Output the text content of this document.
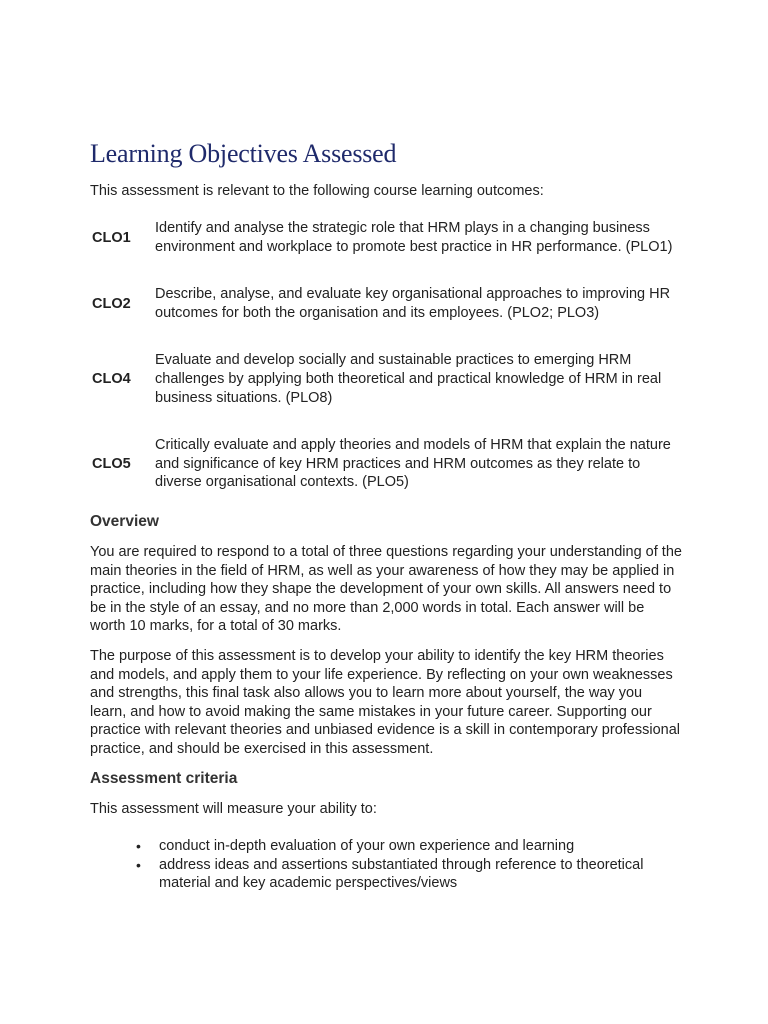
Learning Objectives Assessed

This assessment is relevant to the following course learning outcomes:

CLO1	Identify and analyse the strategic role that HRM plays in a changing business environment and workplace to promote best practice in HR performance. (PLO1)

CLO2	Describe, analyse, and evaluate key organisational approaches to improving HR outcomes for both the organisation and its employees. (PLO2; PLO3)

CLO4	Evaluate and develop socially and sustainable practices to emerging HRM challenges by applying both theoretical and practical knowledge of HRM in real business situations. (PLO8)

CLO5	Critically evaluate and apply theories and models of HRM that explain the nature and significance of key HRM practices and HRM outcomes as they relate to diverse organisational contexts. (PLO5)
Overview

You are required to respond to a total of three questions regarding your understanding of the main theories in the field of HRM, as well as your awareness of how they may be applied in practice, including how they shape the development of your own skills. All answers need to be in the style of an essay, and no more than 2,000 words in total. Each answer will be worth 10 marks, for a total of 30 marks.

The purpose of this assessment is to develop your ability to identify the key HRM theories and models, and apply them to your life experience. By reflecting on your own weaknesses and strengths, this final task also allows you to learn more about yourself, the way you learn, and how to avoid making the same mistakes in your future career. Supporting our practice with relevant theories and unbiased evidence is a skill in contemporary professional practice, and should be exercised in this assessment.

Assessment criteria

This assessment will measure your ability to:

• conduct in-depth evaluation of your own experience and learning
• address ideas and assertions substantiated through reference to theoretical material and key academic perspectives/views
